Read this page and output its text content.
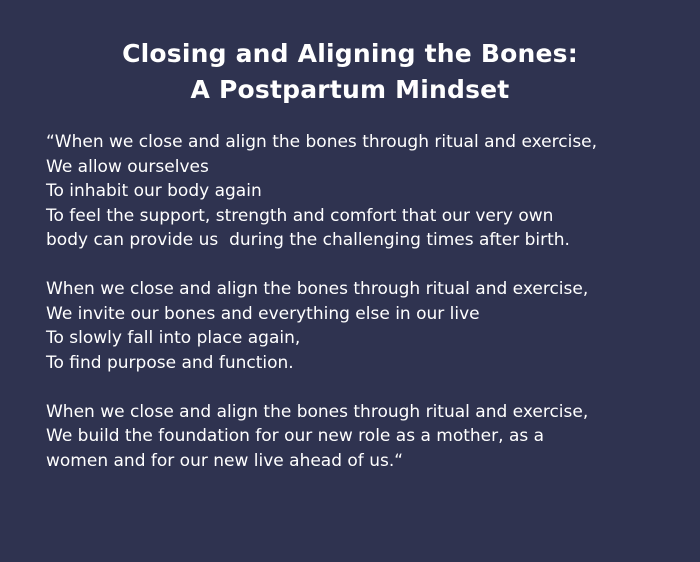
Closing and Aligning the Bones:
A Postpartum Mindset

“When we close and align the bones through ritual and exercise,
We allow ourselves
To inhabit our body again
To feel the support, strength and comfort that our very own
body can provide us  during the challenging times after birth.

When we close and align the bones through ritual and exercise,
We invite our bones and everything else in our live
To slowly fall into place again,
To find purpose and function.

When we close and align the bones through ritual and exercise,
We build the foundation for our new role as a mother, as a
women and for our new live ahead of us.“
